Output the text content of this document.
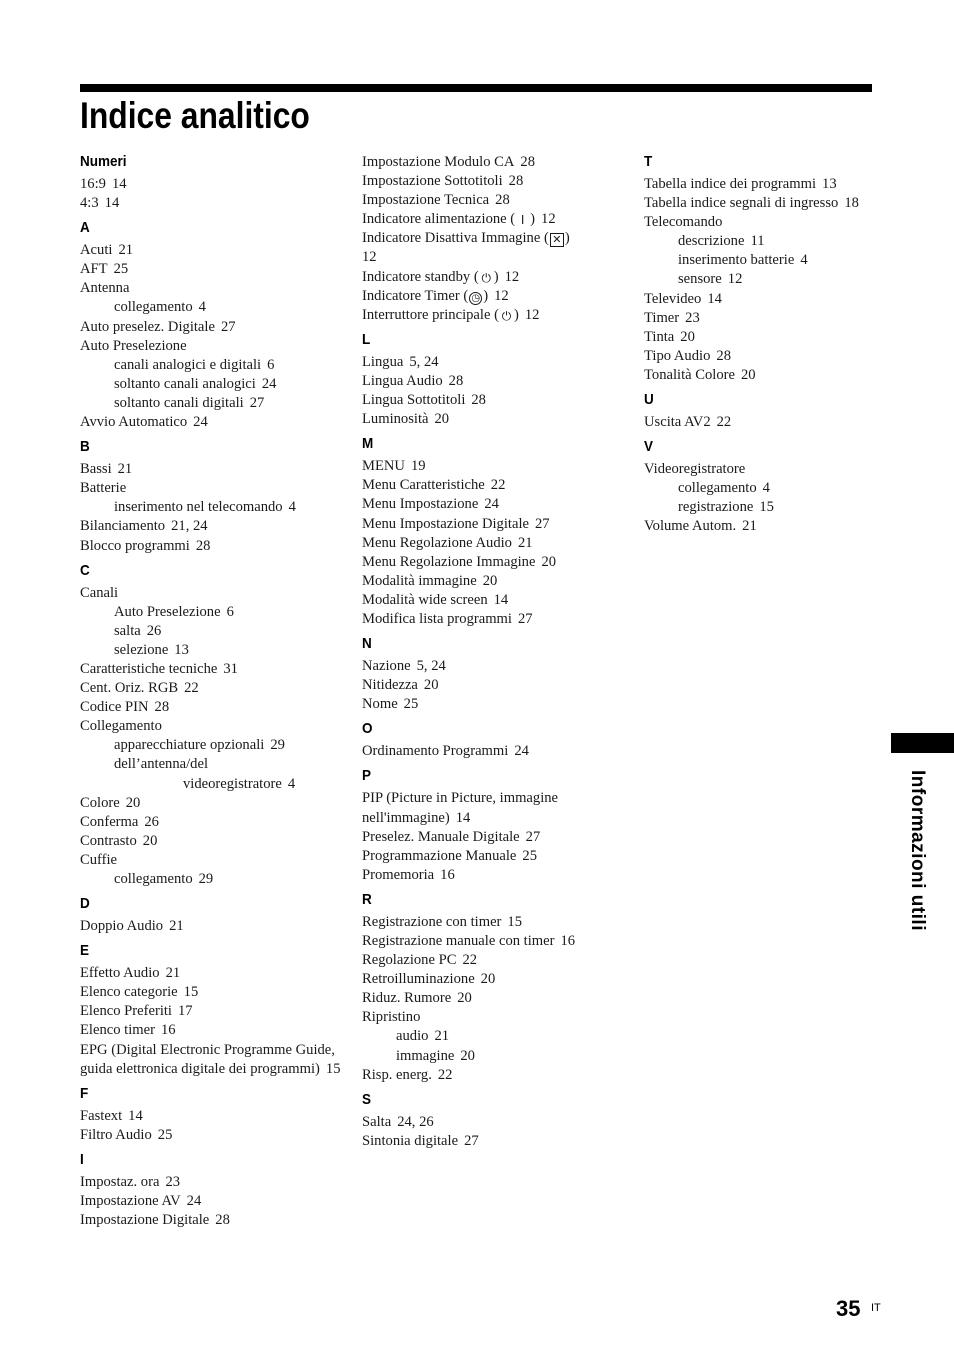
Indice analitico
Numeri
16:9 14
4:3 14
A
Acuti 21
AFT 25
Antenna
collegamento 4
Auto preselez. Digitale 27
Auto Preselezione
canali analogici e digitali 6
soltanto canali analogici 24
soltanto canali digitali 27
Avvio Automatico 24
B
Bassi 21
Batterie
inserimento nel telecomando 4
Bilanciamento 21, 24
Blocco programmi 28
C
Canali
Auto Preselezione 6
salta 26
selezione 13
Caratteristiche tecniche 31
Cent. Oriz. RGB 22
Codice PIN 28
Collegamento
apparecchiature opzionali 29
dell’antenna/del
videoregistratore 4
Colore 20
Conferma 26
Contrasto 20
Cuffie
collegamento 29
D
Doppio Audio 21
E
Effetto Audio 21
Elenco categorie 15
Elenco Preferiti 17
Elenco timer 16
EPG (Digital Electronic Programme Guide, guida elettronica digitale dei programmi) 15
F
Fastext 14
Filtro Audio 25
I
Impostaz. ora 23
Impostazione AV 24
Impostazione Digitale 28
Impostazione Modulo CA 28
Impostazione Sottotitoli 28
Impostazione Tecnica 28
Indicatore alimentazione ( Ⅰ ) 12
Indicatore Disattiva Immagine ( ✕ )
12
Indicatore standby ( ⏻ ) 12
Indicatore Timer ( ◷ ) 12
Interruttore principale ( ⏻ ) 12
L
Lingua 5, 24
Lingua Audio 28
Lingua Sottotitoli 28
Luminosità 20
M
MENU 19
Menu Caratteristiche 22
Menu Impostazione 24
Menu Impostazione Digitale 27
Menu Regolazione Audio 21
Menu Regolazione Immagine 20
Modalità immagine 20
Modalità wide screen 14
Modifica lista programmi 27
N
Nazione 5, 24
Nitidezza 20
Nome 25
O
Ordinamento Programmi 24
P
PIP (Picture in Picture, immagine nell'immagine) 14
Preselez. Manuale Digitale 27
Programmazione Manuale 25
Promemoria 16
R
Registrazione con timer 15
Registrazione manuale con timer 16
Regolazione PC 22
Retroilluminazione 20
Riduz. Rumore 20
Ripristino
audio 21
immagine 20
Risp. energ. 22
S
Salta 24, 26
Sintonia digitale 27
T
Tabella indice dei programmi 13
Tabella indice segnali di ingresso 18
Telecomando
descrizione 11
inserimento batterie 4
sensore 12
Televideo 14
Timer 23
Tinta 20
Tipo Audio 28
Tonalità Colore 20
U
Uscita AV2 22
V
Videoregistratore
collegamento 4
registrazione 15
Volume Autom. 21
Informazioni utili
35 IT
